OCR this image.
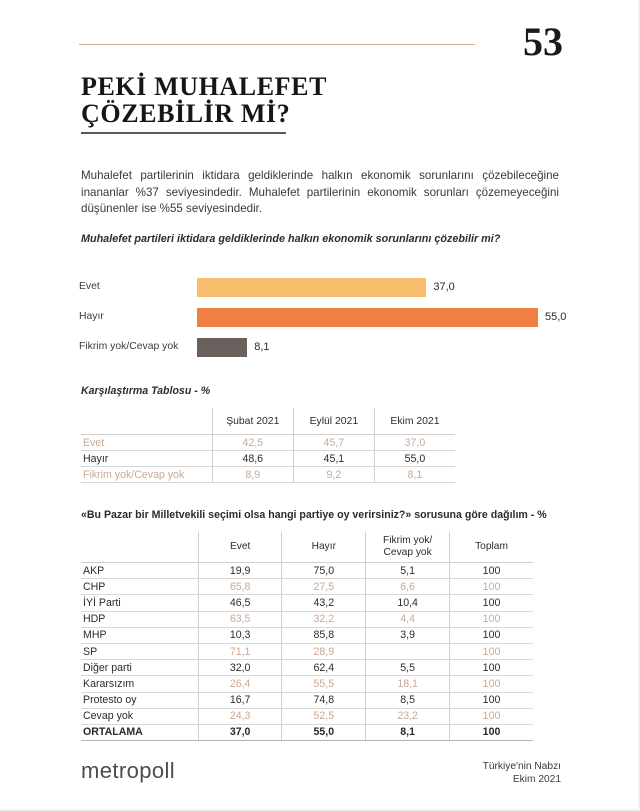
53
PEKİ MUHALEFET
ÇÖZEBİLİR Mİ?
Muhalefet partilerinin iktidara geldiklerinde halkın ekonomik sorunlarını çözebileceğine inananlar %37 seviyesindedir. Muhalefet partilerinin ekonomik sorunları çözemeyeceğini düşünenler ise %55 seviyesindedir.
Muhalefet partileri iktidara geldiklerinde halkın ekonomik sorunlarını çözebilir mi?
Evet	37,0
Hayır	55,0
Fikrim yok/Cevap yok	8,1
Karşılaştırma Tablosu - %
	Şubat 2021	Eylül 2021	Ekim 2021
Evet	42,5	45,7	37,0
Hayır	48,6	45,1	55,0
Fikrim yok/Cevap yok	8,9	9,2	8,1
«Bu Pazar bir Milletvekili seçimi olsa hangi partiye oy verirsiniz?» sorusuna göre dağılım - %
	Evet	Hayır	Fikrim yok/
Cevap yok	Toplam
AKP	19,9	75,0	5,1	100
CHP	65,8	27,5	6,6	100
İYİ Parti	46,5	43,2	10,4	100
HDP	63,5	32,2	4,4	100
MHP	10,3	85,8	3,9	100
SP	71,1	28,9		100
Diğer parti	32,0	62,4	5,5	100
Kararsızım	26,4	55,5	18,1	100
Protesto oy	16,7	74,8	8,5	100
Cevap yok	24,3	52,5	23,2	100
ORTALAMA	37,0	55,0	8,1	100
metropoll	Türkiye'nin Nabzı
Ekim 2021
